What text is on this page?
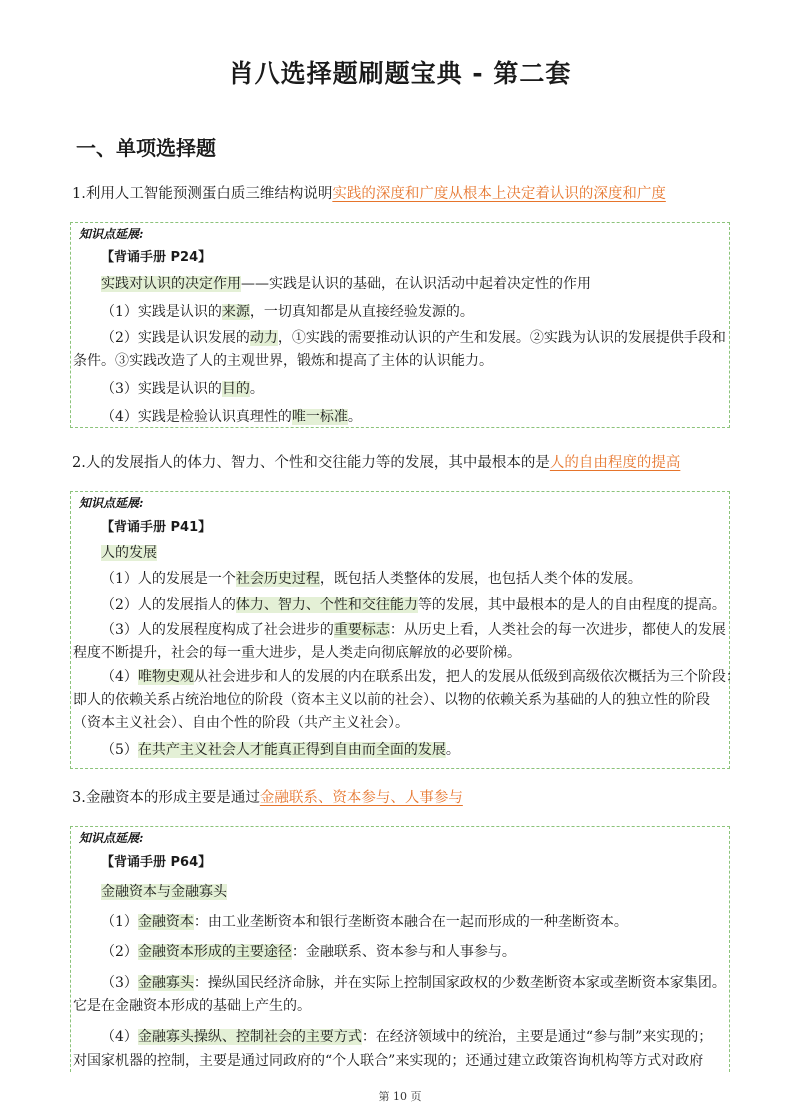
肖八选择题刷题宝典 - 第二套
一、单项选择题
1.利用人工智能预测蛋白质三维结构说明实践的深度和广度从根本上决定着认识的深度和广度
知识点延展:
【背诵手册 P24】
实践对认识的决定作用——实践是认识的基础，在认识活动中起着决定性的作用
（1）实践是认识的来源，一切真知都是从直接经验发源的。
（2）实践是认识发展的动力，①实践的需要推动认识的产生和发展。②实践为认识的发展提供手段和
条件。③实践改造了人的主观世界，锻炼和提高了主体的认识能力。
（3）实践是认识的目的。
（4）实践是检验认识真理性的唯一标准。
2.人的发展指人的体力、智力、个性和交往能力等的发展，其中最根本的是人的自由程度的提高
知识点延展:
【背诵手册 P41】
人的发展
（1）人的发展是一个社会历史过程，既包括人类整体的发展，也包括人类个体的发展。
（2）人的发展指人的体力、智力、个性和交往能力等的发展，其中最根本的是人的自由程度的提高。
（3）人的发展程度构成了社会进步的重要标志：从历史上看，人类社会的每一次进步，都使人的发展
程度不断提升，社会的每一重大进步，是人类走向彻底解放的必要阶梯。
（4）唯物史观从社会进步和人的发展的内在联系出发，把人的发展从低级到高级依次概括为三个阶段：
即人的依赖关系占统治地位的阶段（资本主义以前的社会）、以物的依赖关系为基础的人的独立性的阶段
（资本主义社会）、自由个性的阶段（共产主义社会）。
（5）在共产主义社会人才能真正得到自由而全面的发展。
3.金融资本的形成主要是通过金融联系、资本参与、人事参与
知识点延展:
【背诵手册 P64】
金融资本与金融寡头
（1）金融资本：由工业垄断资本和银行垄断资本融合在一起而形成的一种垄断资本。
（2）金融资本形成的主要途径：金融联系、资本参与和人事参与。
（3）金融寡头：操纵国民经济命脉，并在实际上控制国家政权的少数垄断资本家或垄断资本家集团。
它是在金融资本形成的基础上产生的。
（4）金融寡头操纵、控制社会的主要方式：在经济领域中的统治，主要是通过“参与制”来实现的；
对国家机器的控制，主要是通过同政府的“个人联合”来实现的；还通过建立政策咨询机构等方式对政府
第 10 页
